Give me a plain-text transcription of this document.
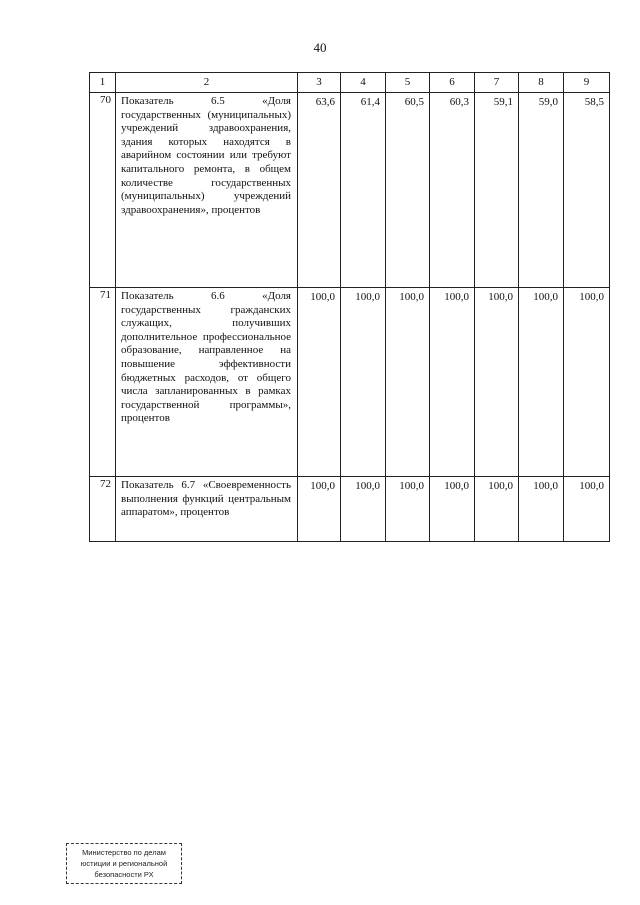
40
1	2	3	4	5	6	7	8	9
70	Показатель 6.5 «Доля государственных (муниципальных) учреждений здравоохранения, здания которых находятся в аварийном состоянии или требуют капитального ремонта, в общем количестве государственных (муниципальных) учреждений здравоохранения», процентов	63,6	61,4	60,5	60,3	59,1	59,0	58,5
71	Показатель 6.6 «Доля государственных гражданских служащих, получивших дополнительное профессиональное образование, направленное на повышение эффективности бюджетных расходов, от общего числа запланированных в рамках государственной программы», процентов	100,0	100,0	100,0	100,0	100,0	100,0	100,0
72	Показатель 6.7 «Своевременность выполнения функций центральным аппаратом», процентов	100,0	100,0	100,0	100,0	100,0	100,0	100,0
Министерство по делам
юстиции и региональной
безопасности РХ
